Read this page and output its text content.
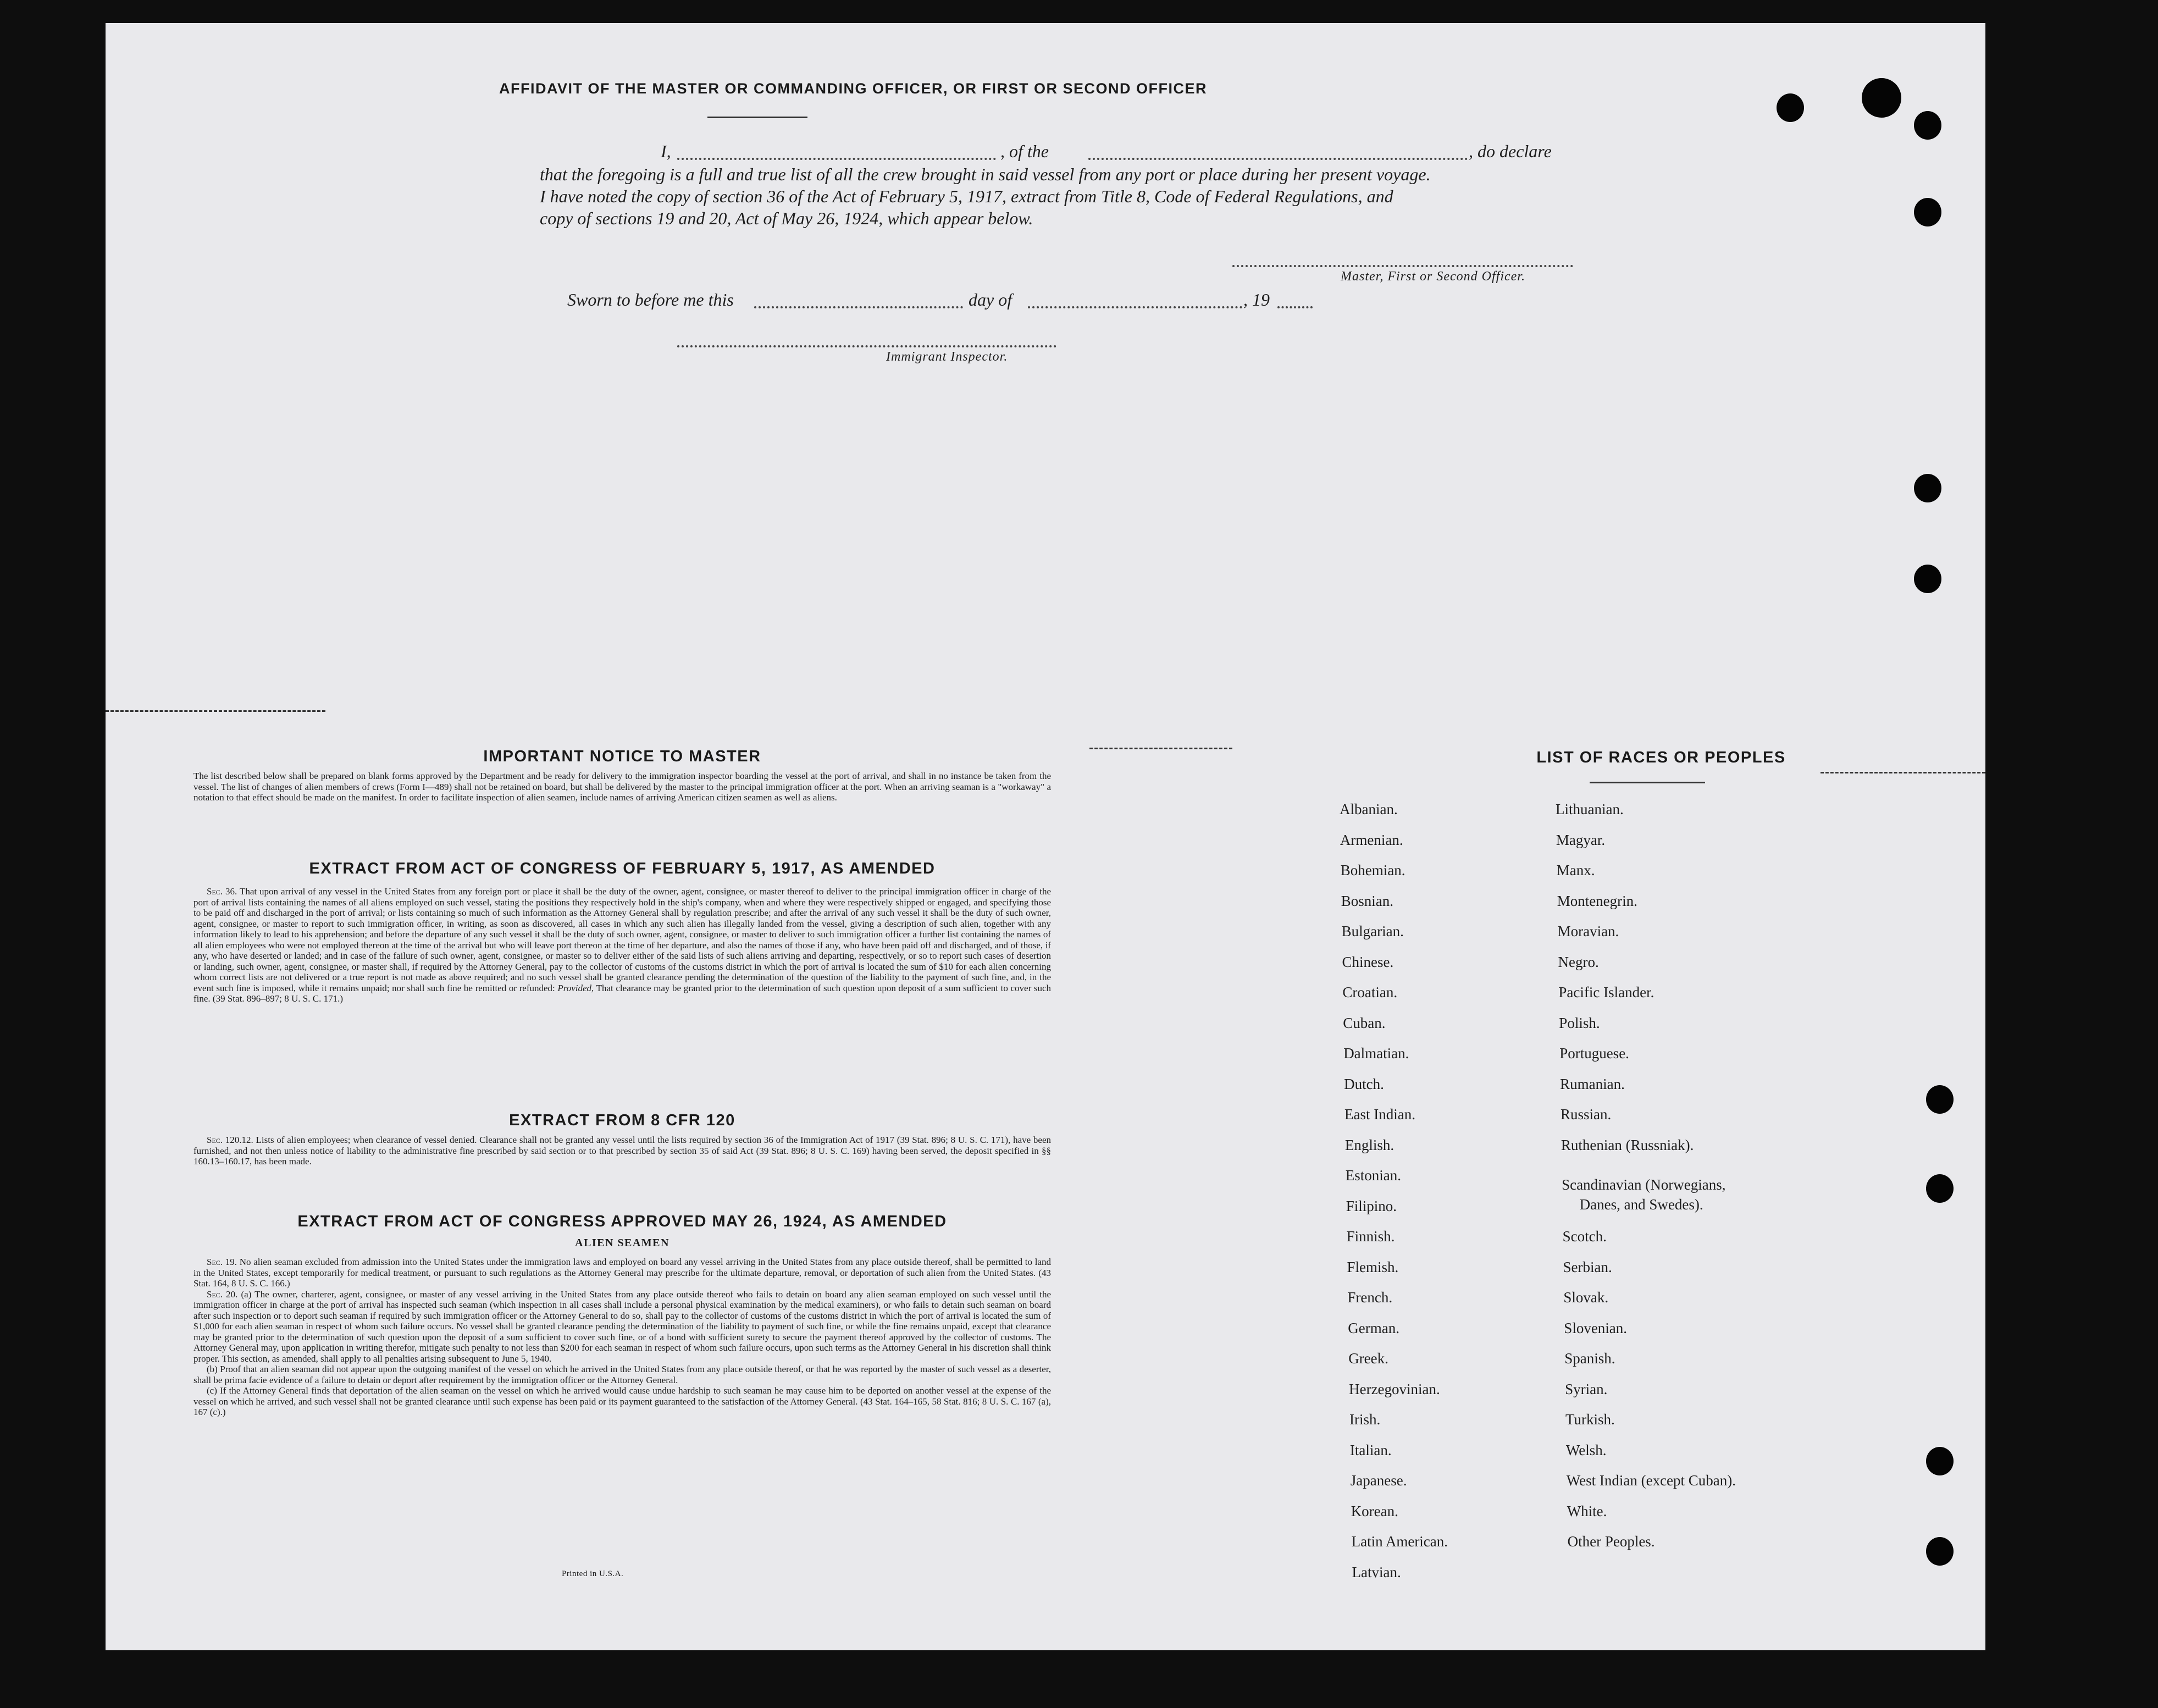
AFFIDAVIT OF THE MASTER OR COMMANDING OFFICER, OR FIRST OR SECOND OFFICER
I,	, of the	, do declare
that the foregoing is a full and true list of all the crew brought in said vessel from any port or place during her present voyage.
I have noted the copy of section 36 of the Act of February 5, 1917, extract from Title 8, Code of Federal Regulations, and
copy of sections 19 and 20, Act of May 26, 1924, which appear below.
Master, First or Second Officer.
Sworn to before me this	day of	, 19
Immigrant Inspector.
IMPORTANT NOTICE TO MASTER
The list described below shall be prepared on blank forms approved by the Department and be ready for delivery to the immigration inspector boarding the vessel at the port of arrival, and shall in no instance be taken from the vessel. The list of changes of alien members of crews (Form I—489) shall not be retained on board, but shall be delivered by the master to the principal immigration officer at the port. When an arriving seaman is a "workaway" a notation to that effect should be made on the manifest. In order to facilitate inspection of alien seamen, include names of arriving American citizen seamen as well as aliens.
EXTRACT FROM ACT OF CONGRESS OF FEBRUARY 5, 1917, AS AMENDED
Sec. 36. That upon arrival of any vessel in the United States from any foreign port or place it shall be the duty of the owner, agent, consignee, or master thereof to deliver to the principal immigration officer in charge of the port of arrival lists containing the names of all aliens employed on such vessel, stating the positions they respectively hold in the ship's company, when and where they were respectively shipped or engaged, and specifying those to be paid off and discharged in the port of arrival; or lists containing so much of such information as the Attorney General shall by regulation prescribe; and after the arrival of any such vessel it shall be the duty of such owner, agent, consignee, or master to report to such immigration officer, in writing, as soon as discovered, all cases in which any such alien has illegally landed from the vessel, giving a description of such alien, together with any information likely to lead to his apprehension; and before the departure of any such vessel it shall be the duty of such owner, agent, consignee, or master to deliver to such immigration officer a further list containing the names of all alien employees who were not employed thereon at the time of the arrival but who will leave port thereon at the time of her departure, and also the names of those if any, who have been paid off and discharged, and of those, if any, who have deserted or landed; and in case of the failure of such owner, agent, consignee, or master so to deliver either of the said lists of such aliens arriving and departing, respectively, or so to report such cases of desertion or landing, such owner, agent, consignee, or master shall, if required by the Attorney General, pay to the collector of customs of the customs district in which the port of arrival is located the sum of $10 for each alien concerning whom correct lists are not delivered or a true report is not made as above required; and no such vessel shall be granted clearance pending the determination of the question of the liability to the payment of such fine, and, in the event such fine is imposed, while it remains unpaid; nor shall such fine be remitted or refunded: Provided, That clearance may be granted prior to the determination of such question upon deposit of a sum sufficient to cover such fine. (39 Stat. 896–897; 8 U. S. C. 171.)
EXTRACT FROM 8 CFR 120
Sec. 120.12. Lists of alien employees; when clearance of vessel denied. Clearance shall not be granted any vessel until the lists required by section 36 of the Immigration Act of 1917 (39 Stat. 896; 8 U. S. C. 171), have been furnished, and not then unless notice of liability to the administrative fine prescribed by said section or to that prescribed by section 35 of said Act (39 Stat. 896; 8 U. S. C. 169) having been served, the deposit specified in §§ 160.13–160.17, has been made.
EXTRACT FROM ACT OF CONGRESS APPROVED MAY 26, 1924, AS AMENDED
ALIEN SEAMEN
Sec. 19. No alien seaman excluded from admission into the United States under the immigration laws and employed on board any vessel arriving in the United States from any place outside thereof, shall be permitted to land in the United States, except temporarily for medical treatment, or pursuant to such regulations as the Attorney General may prescribe for the ultimate departure, removal, or deportation of such alien from the United States. (43 Stat. 164, 8 U. S. C. 166.)
Sec. 20. (a) The owner, charterer, agent, consignee, or master of any vessel arriving in the United States from any place outside thereof who fails to detain on board any alien seaman employed on such vessel until the immigration officer in charge at the port of arrival has inspected such seaman (which inspection in all cases shall include a personal physical examination by the medical examiners), or who fails to detain such seaman on board after such inspection or to deport such seaman if required by such immigration officer or the Attorney General to do so, shall pay to the collector of customs of the customs district in which the port of arrival is located the sum of $1,000 for each alien seaman in respect of whom such failure occurs. No vessel shall be granted clearance pending the determination of the liability to payment of such fine, or while the fine remains unpaid, except that clearance may be granted prior to the determination of such question upon the deposit of a sum sufficient to cover such fine, or of a bond with sufficient surety to secure the payment thereof approved by the collector of customs. The Attorney General may, upon application in writing therefor, mitigate such penalty to not less than $200 for each seaman in respect of whom such failure occurs, upon such terms as the Attorney General in his discretion shall think proper. This section, as amended, shall apply to all penalties arising subsequent to June 5, 1940.
(b) Proof that an alien seaman did not appear upon the outgoing manifest of the vessel on which he arrived in the United States from any place outside thereof, or that he was reported by the master of such vessel as a deserter, shall be prima facie evidence of a failure to detain or deport after requirement by the immigration officer or the Attorney General.
(c) If the Attorney General finds that deportation of the alien seaman on the vessel on which he arrived would cause undue hardship to such seaman he may cause him to be deported on another vessel at the expense of the vessel on which he arrived, and such vessel shall not be granted clearance until such expense has been paid or its payment guaranteed to the satisfaction of the Attorney General. (43 Stat. 164–165, 58 Stat. 816; 8 U. S. C. 167 (a), 167 (c).)
Printed in U.S.A.
LIST OF RACES OR PEOPLES
Albanian.
Armenian.
Bohemian.
Bosnian.
Bulgarian.
Chinese.
Croatian.
Cuban.
Dalmatian.
Dutch.
East Indian.
English.
Estonian.
Filipino.
Finnish.
Flemish.
French.
German.
Greek.
Herzegovinian.
Irish.
Italian.
Japanese.
Korean.
Latin American.
Latvian.
Lithuanian.
Magyar.
Manx.
Montenegrin.
Moravian.
Negro.
Pacific Islander.
Polish.
Portuguese.
Rumanian.
Russian.
Ruthenian (Russniak).
Scandinavian (Norwegians,
Danes, and Swedes).
Scotch.
Serbian.
Slovak.
Slovenian.
Spanish.
Syrian.
Turkish.
Welsh.
West Indian (except Cuban).
White.
Other Peoples.
